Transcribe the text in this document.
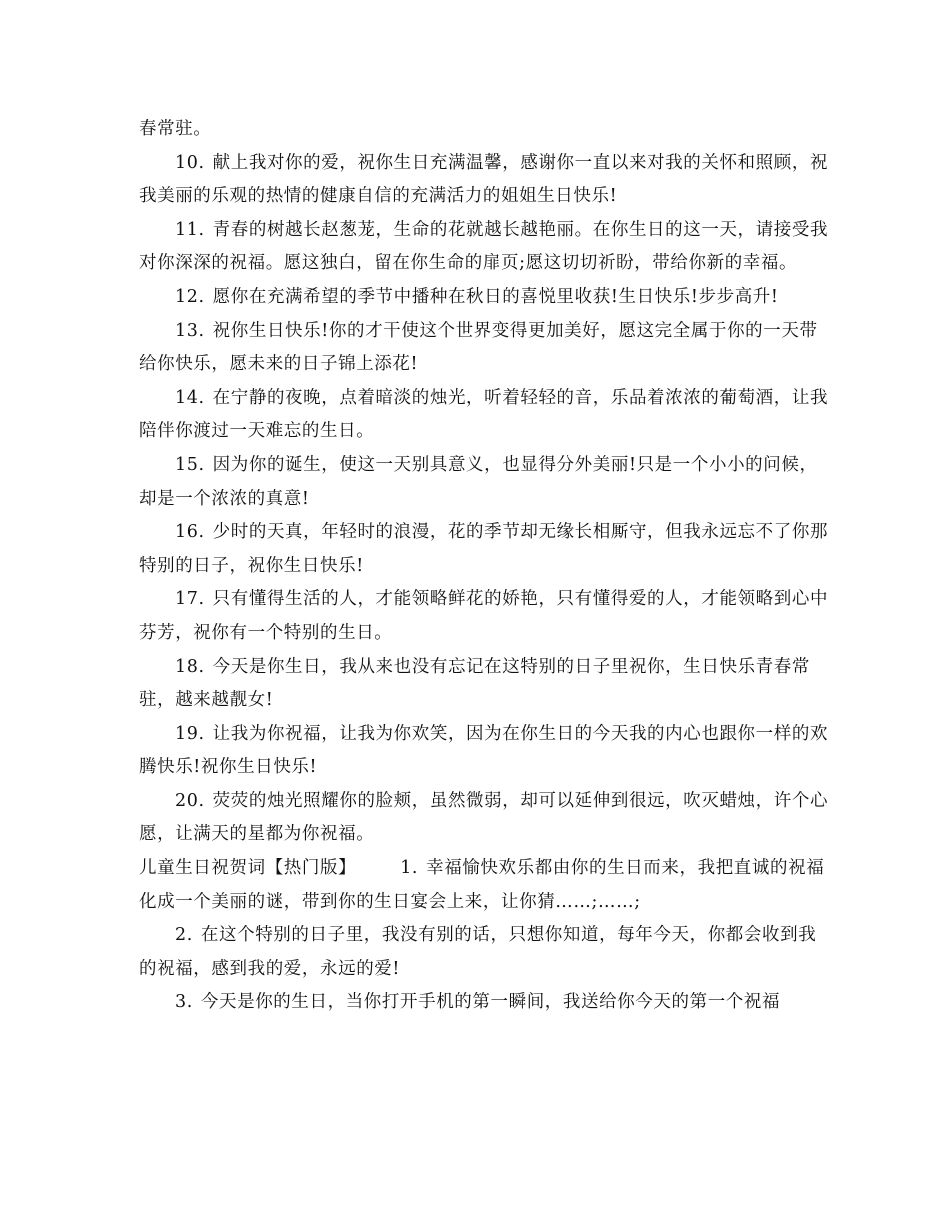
春常驻。

10. 献上我对你的爱，祝你生日充满温馨，感谢你一直以来对我的关怀和照顾，祝我美丽的乐观的热情的健康自信的充满活力的姐姐生日快乐!

11. 青春的树越长赵葱茏，生命的花就越长越艳丽。在你生日的这一天，请接受我对你深深的祝福。愿这独白，留在你生命的扉页;愿这切切祈盼，带给你新的幸福。

12. 愿你在充满希望的季节中播种在秋日的喜悦里收获!生日快乐!步步高升!

13. 祝你生日快乐!你的才干使这个世界变得更加美好，愿这完全属于你的一天带给你快乐，愿未来的日子锦上添花!

14. 在宁静的夜晚，点着暗淡的烛光，听着轻轻的音，乐品着浓浓的葡萄酒，让我陪伴你渡过一天难忘的生日。

15. 因为你的诞生，使这一天别具意义，也显得分外美丽!只是一个小小的问候，却是一个浓浓的真意!

16. 少时的天真，年轻时的浪漫，花的季节却无缘长相厮守，但我永远忘不了你那特别的日子，祝你生日快乐!

17. 只有懂得生活的人，才能领略鲜花的娇艳，只有懂得爱的人，才能领略到心中芬芳，祝你有一个特别的生日。

18. 今天是你生日，我从来也没有忘记在这特别的日子里祝你，生日快乐青春常驻，越来越靓女!

19. 让我为你祝福，让我为你欢笑，因为在你生日的今天我的内心也跟你一样的欢腾快乐!祝你生日快乐!

20. 荧荧的烛光照耀你的脸颊，虽然微弱，却可以延伸到很远，吹灭蜡烛，许个心愿，让满天的星都为你祝福。

儿童生日祝贺词【热门版】	1. 幸福愉快欢乐都由你的生日而来，我把直诚的祝福化成一个美丽的谜，带到你的生日宴会上来，让你猜……;……;

2. 在这个特别的日子里，我没有别的话，只想你知道，每年今天，你都会收到我的祝福，感到我的爱，永远的爱!

3. 今天是你的生日，当你打开手机的第一瞬间，我送给你今天的第一个祝福
